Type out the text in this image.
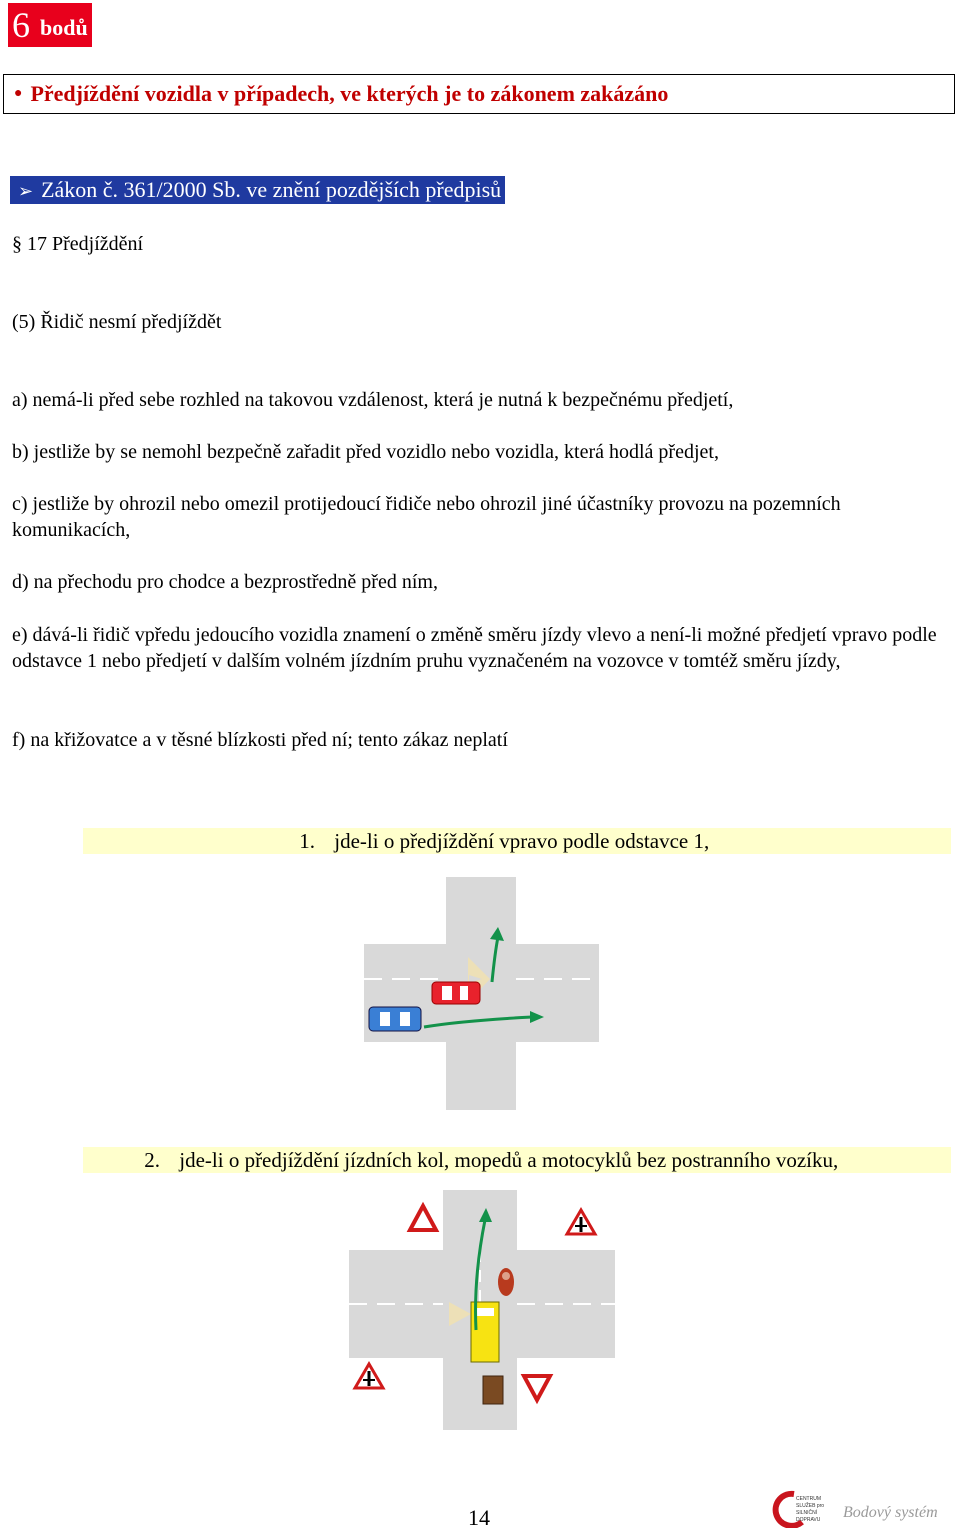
6 bodů
● Předjíždění vozidla v případech, ve kterých je to zákonem zakázáno
➢ Zákon č. 361/2000 Sb. ve znění pozdějších předpisů
§ 17 Předjíždění
(5) Řidič nesmí předjíždět
a) nemá-li před sebe rozhled na takovou vzdálenost, která je nutná k bezpečnému předjetí,
b) jestliže by se nemohl bezpečně zařadit před vozidlo nebo vozidla, která hodlá předjet,
c) jestliže by ohrozil nebo omezil protijedoucí řidiče nebo ohrozil jiné účastníky provozu na pozemních komunikacích,
d) na přechodu pro chodce a bezprostředně před ním,
e) dává-li řidič vpředu jedoucího vozidla znamení o změně směru jízdy vlevo a není-li možné předjetí vpravo podle odstavce 1 nebo předjetí v dalším volném jízdním pruhu vyznačeném na vozovce v tomtéž směru jízdy,
f) na křižovatce a v těsné blízkosti před ní; tento zákaz neplatí
1. jde-li o předjíždění vpravo podle odstavce 1,
2. jde-li o předjíždění jízdních kol, mopedů a motocyklů bez postranního vozíku,
14
CENTRUM
SLUŽEB pro
SILNIČNÍ
DOPRAVU Bodový systém
